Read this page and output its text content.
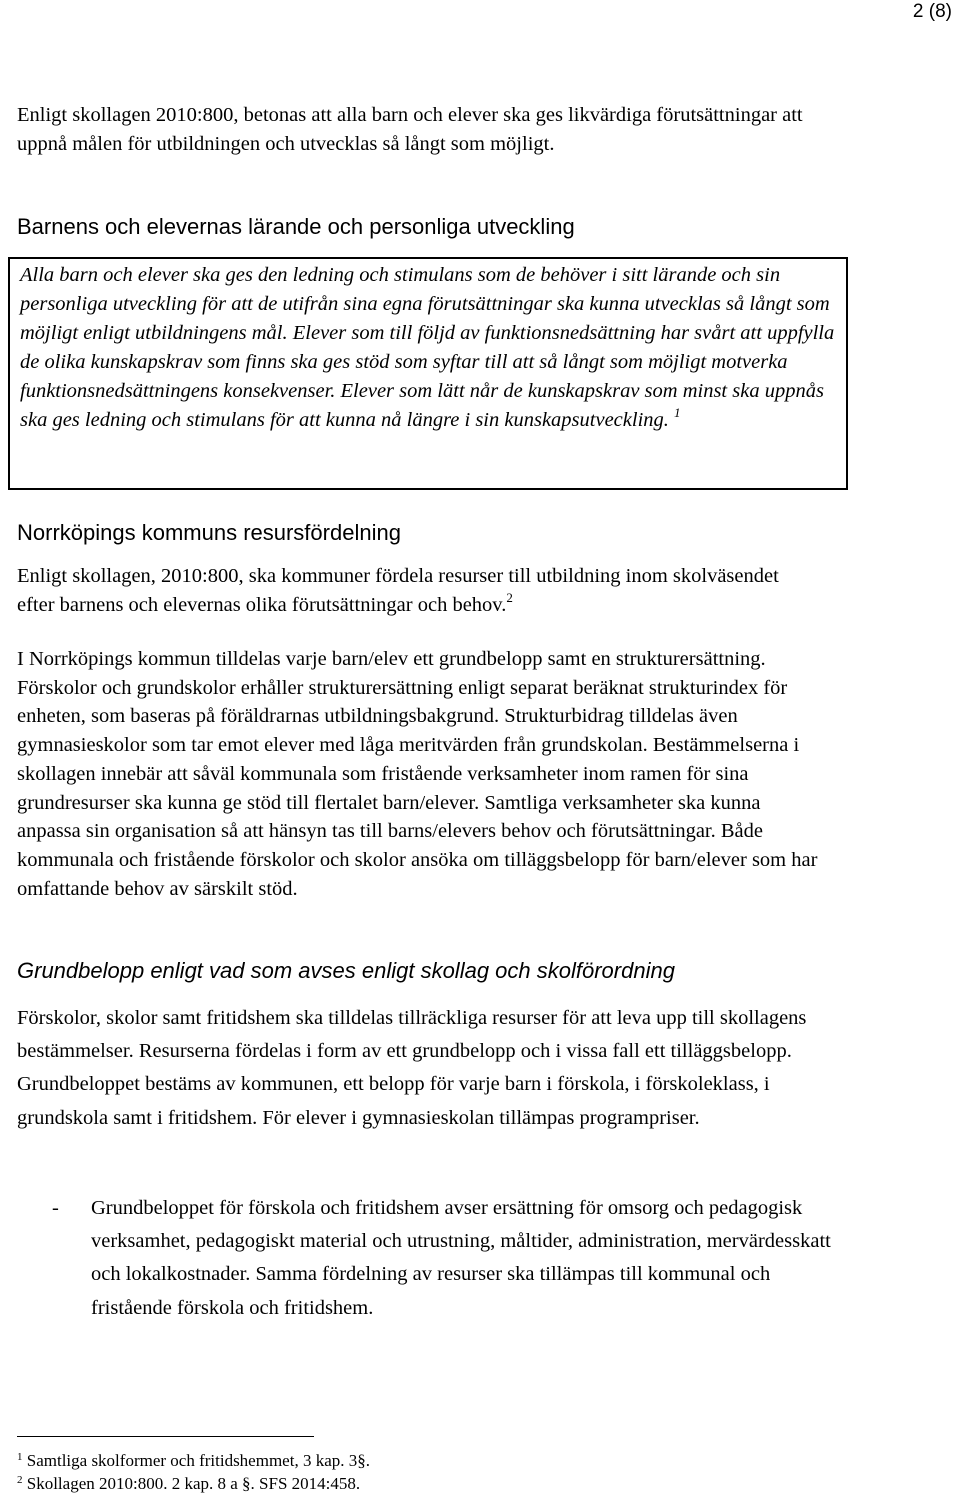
2 (8)

Enligt skollagen 2010:800, betonas att alla barn och elever ska ges likvärdiga förutsättningar att uppnå målen för utbildningen och utvecklas så långt som möjligt.

Barnens och elevernas lärande och personliga utveckling

Alla barn och elever ska ges den ledning och stimulans som de behöver i sitt lärande och sin personliga utveckling för att de utifrån sina egna förutsättningar ska kunna utvecklas så långt som möjligt enligt utbildningens mål. Elever som till följd av funktionsnedsättning har svårt att uppfylla de olika kunskapskrav som finns ska ges stöd som syftar till att så långt som möjligt motverka funktionsnedsättningens konsekvenser. Elever som lätt når de kunskapskrav som minst ska uppnås ska ges ledning och stimulans för att kunna nå längre i sin kunskapsutveckling. $^1$

Norrköpings kommuns resursfördelning

Enligt skollagen, 2010:800, ska kommuner fördela resurser till utbildning inom skolväsendet efter barnens och elevernas olika förutsättningar och behov.$^2$

I Norrköpings kommun tilldelas varje barn/elev ett grundbelopp samt en strukturersättning. Förskolor och grundskolor erhåller strukturersättning enligt separat beräknat strukturindex för enheten, som baseras på föräldrarnas utbildningsbakgrund. Strukturbidrag tilldelas även gymnasieskolor som tar emot elever med låga meritvärden från grundskolan. Bestämmelserna i skollagen innebär att såväl kommunala som fristående verksamheter inom ramen för sina grundresurser ska kunna ge stöd till flertalet barn/elever. Samtliga verksamheter ska kunna anpassa sin organisation så att hänsyn tas till barns/elevers behov och förutsättningar. Både kommunala och fristående förskolor och skolor ansöka om tilläggsbelopp för barn/elever som har omfattande behov av särskilt stöd.

Grundbelopp enligt vad som avses enligt skollag och skolförordning

Förskolor, skolor samt fritidshem ska tilldelas tillräckliga resurser för att leva upp till skollagens bestämmelser. Resurserna fördelas i form av ett grundbelopp och i vissa fall ett tilläggsbelopp. Grundbeloppet bestäms av kommunen, ett belopp för varje barn i förskola, i förskoleklass, i grundskola samt i fritidshem. För elever i gymnasieskolan tillämpas programpriser.

- Grundbeloppet för förskola och fritidshem avser ersättning för omsorg och pedagogisk verksamhet, pedagogiskt material och utrustning, måltider, administration, mervärdesskatt och lokalkostnader. Samma fördelning av resurser ska tillämpas till kommunal och fristående förskola och fritidshem.

$^1$ Samtliga skolformer och fritidshemmet, 3 kap. 3§.

$^2$ Skollagen 2010:800. 2 kap. 8 a §. SFS 2014:458.
